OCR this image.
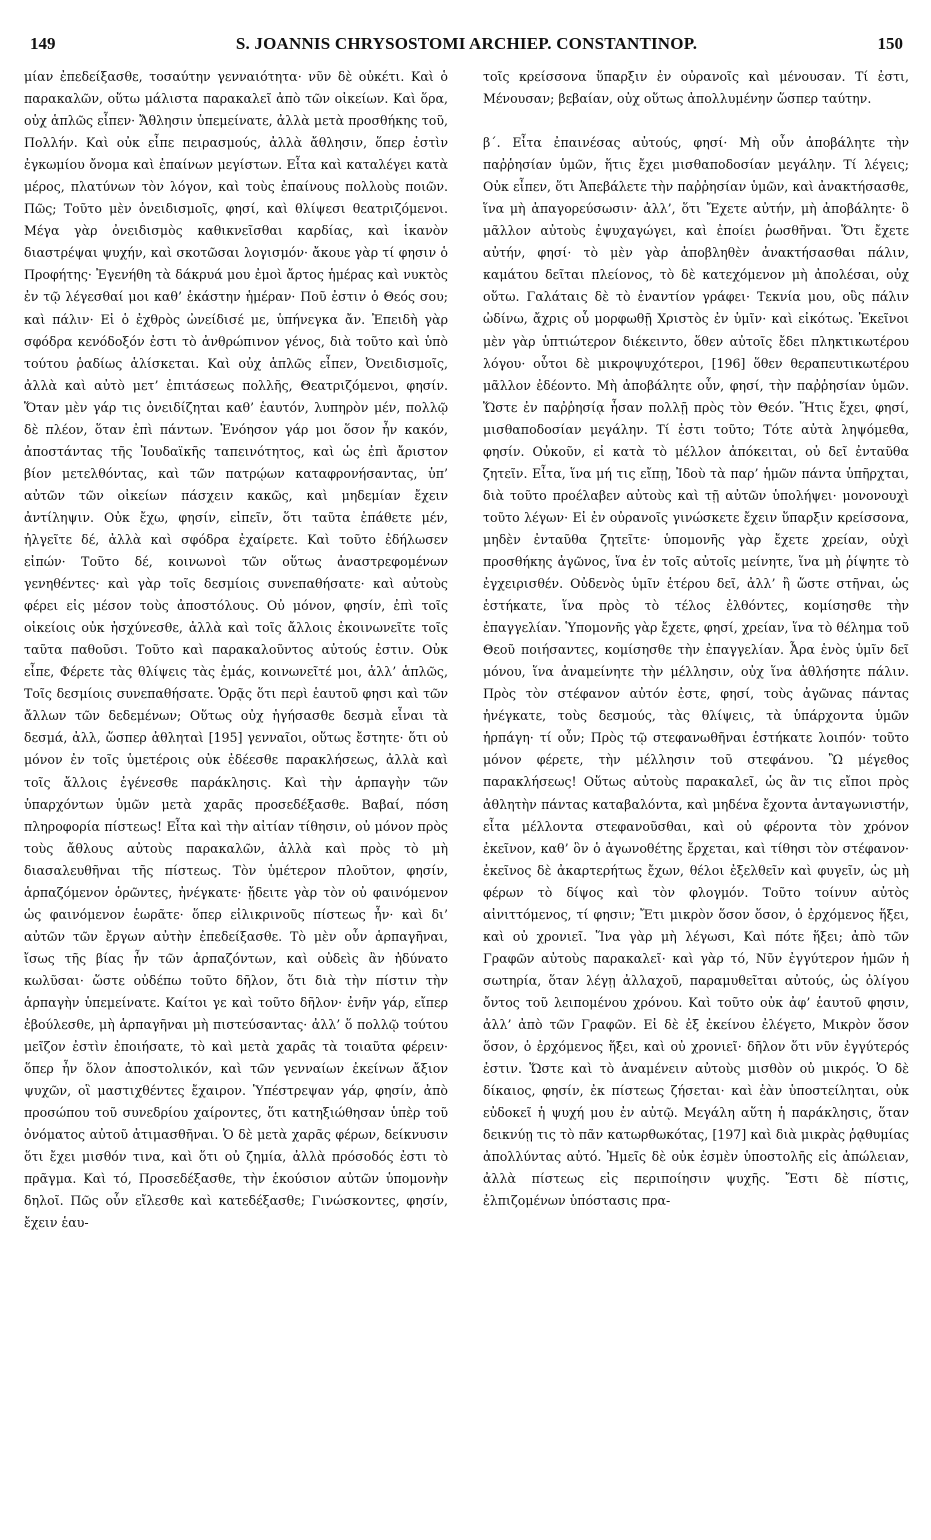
149	S. JOANNIS CHRYSOSTOMI ARCHIEP. CONSTANTINOP.	150

μίαν ἐπεδείξασθε, τοσαύτην γενναιότητα· νῦν δὲ οὐκέτι. Καὶ ὁ παρακαλῶν, οὕτω μάλιστα παρακαλεῖ ἀπὸ τῶν οἰκείων. Καὶ ὅρα, οὐχ ἁπλῶς εἶπεν· Ἄθλησιν ὑπεμείνατε, ἀλλὰ μετὰ προσθήκης τοῦ, Πολλήν. Καὶ οὐκ εἶπε πειρασμούς, ἀλλὰ ἄθλησιν, ὅπερ ἐστὶν ἐγκωμίου ὄνομα καὶ ἐπαίνων μεγίστων. Εἶτα καὶ καταλέγει κατὰ μέρος, πλατύνων τὸν λόγον, καὶ τοὺς ἐπαίνους πολλοὺς ποιῶν. Πῶς; Τοῦτο μὲν ὀνειδισμοῖς, φησί, καὶ θλίψεσι θεατριζόμενοι. Μέγα γὰρ ὀνειδισμὸς καθικνεῖσθαι καρδίας, καὶ ἱκανὸν διαστρέψαι ψυχήν, καὶ σκοτῶσαι λογισμόν· ἄκουε γὰρ τί φησιν ὁ Προφήτης· Ἐγενήθη τὰ δάκρυά μου ἐμοὶ ἄρτος ἡμέρας καὶ νυκτὸς ἐν τῷ λέγεσθαί μοι καθ’ ἑκάστην ἡμέραν· Ποῦ ἐστιν ὁ Θεός σου; καὶ πάλιν· Εἰ ὁ ἐχθρὸς ὠνείδισέ με, ὑπήνεγκα ἄν. Ἐπειδὴ γὰρ σφόδρα κενόδοξόν ἐστι τὸ ἀνθρώπινον γένος, διὰ τοῦτο καὶ ὑπὸ τούτου ῥαδίως ἁλίσκεται. Καὶ οὐχ ἁπλῶς εἶπεν, Ὀνειδισμοῖς, ἀλλὰ καὶ αὐτὸ μετ’ ἐπιτάσεως πολλῆς, Θεατριζόμενοι, φησίν. Ὅταν μὲν γάρ τις ὀνειδίζηται καθ’ ἑαυτόν, λυπηρὸν μέν, πολλῷ δὲ πλέον, ὅταν ἐπὶ πάντων. Ἐνόησον γάρ μοι ὅσον ἦν κακόν, ἀποστάντας τῆς Ἰουδαϊκῆς ταπεινότητος, καὶ ὡς ἐπὶ ἄριστον βίον μετελθόντας, καὶ τῶν πατρῴων καταφρονήσαντας, ὑπ’ αὐτῶν τῶν οἰκείων πάσχειν κακῶς, καὶ μηδεμίαν ἔχειν ἀντίληψιν. Οὐκ ἔχω, φησίν, εἰπεῖν, ὅτι ταῦτα ἐπάθετε μέν, ἠλγεῖτε δέ, ἀλλὰ καὶ σφόδρα ἐχαίρετε. Καὶ τοῦτο ἐδήλωσεν εἰπών· Τοῦτο δέ, κοινωνοὶ τῶν οὕτως ἀναστρεφομένων γενηθέντες· καὶ γὰρ τοῖς δεσμίοις συνεπαθήσατε· καὶ αὐτοὺς φέρει εἰς μέσον τοὺς ἀποστόλους. Οὐ μόνον, φησίν, ἐπὶ τοῖς οἰκείοις οὐκ ἠσχύνεσθε, ἀλλὰ καὶ τοῖς ἄλλοις ἐκοινωνεῖτε τοῖς ταῦτα παθοῦσι. Τοῦτο καὶ παρακαλοῦντος αὐτούς ἐστιν. Οὐκ εἶπε, Φέρετε τὰς θλίψεις τὰς ἐμάς, κοινωνεῖτέ μοι, ἀλλ’ ἁπλῶς, Τοῖς δεσμίοις συνεπαθήσατε. Ὁρᾷς ὅτι περὶ ἑαυτοῦ φησι καὶ τῶν ἄλλων τῶν δεδεμένων; Οὕτως οὐχ ἡγήσασθε δεσμὰ εἶναι τὰ δεσμά, ἀλλ, ὥσπερ ἀθληταὶ [195] γενναῖοι, οὕτως ἔστητε· ὅτι οὐ μόνον ἐν τοῖς ὑμετέροις οὐκ ἐδέεσθε παρακλήσεως, ἀλλὰ καὶ τοῖς ἄλλοις ἐγένεσθε παράκλησις. Καὶ τὴν ἁρπαγὴν τῶν ὑπαρχόντων ὑμῶν μετὰ χαρᾶς προσεδέξασθε. Βαβαί, πόση πληροφορία πίστεως! Εἶτα καὶ τὴν αἰτίαν τίθησιν, οὐ μόνον πρὸς τοὺς ἄθλους αὐτοὺς παρακαλῶν, ἀλλὰ καὶ πρὸς τὸ μὴ διασαλευθῆναι τῆς πίστεως. Τὸν ὑμέτερον πλοῦτον, φησίν, ἁρπαζόμενον ὁρῶντες, ἠνέγκατε· ᾔδειτε γὰρ τὸν οὐ φαινόμενον ὡς φαινόμενον ἑωρᾶτε· ὅπερ εἰλικρινοῦς πίστεως ἦν· καὶ δι’ αὐτῶν τῶν ἔργων αὐτὴν ἐπεδείξασθε. Τὸ μὲν οὖν ἁρπαγῆναι, ἴσως τῆς βίας ἦν τῶν ἁρπαζόντων, καὶ οὐδεὶς ἂν ἠδύνατο κωλῦσαι· ὥστε οὐδέπω τοῦτο δῆλον, ὅτι διὰ τὴν πίστιν τὴν ἁρπαγὴν ὑπεμείνατε. Καίτοι γε καὶ τοῦτο δῆλον· ἐνῆν γάρ, εἴπερ ἐβούλεσθε, μὴ ἁρπαγῆναι μὴ πιστεύσαντας· ἀλλ’ ὅ πολλῷ τούτου μεῖζον ἐστὶν ἐποιήσατε, τὸ καὶ μετὰ χαρᾶς τὰ τοιαῦτα φέρειν· ὅπερ ἦν ὅλον ἀποστολικόν, καὶ τῶν γενναίων ἐκείνων ἄξιον ψυχῶν, οἳ μαστιχθέντες ἔχαιρον. Ὑπέστρεψαν γάρ, φησίν, ἀπὸ προσώπου τοῦ συνεδρίου χαίροντες, ὅτι κατηξιώθησαν ὑπὲρ τοῦ ὀνόματος αὐτοῦ ἀτιμασθῆναι. Ὁ δὲ μετὰ χαρᾶς φέρων, δείκνυσιν ὅτι ἔχει μισθόν τινα, καὶ ὅτι οὐ ζημία, ἀλλὰ πρόσοδός ἐστι τὸ πρᾶγμα. Καὶ τό, Προσεδέξασθε, τὴν ἑκούσιον αὐτῶν ὑπομονὴν δηλοῖ. Πῶς οὖν εἴλεσθε καὶ κατεδέξασθε; Γινώσκοντες, φησίν, ἔχειν ἑαυ-

τοῖς κρείσσονα ὕπαρξιν ἐν οὐρανοῖς καὶ μένουσαν. Τί ἐστι, Μένουσαν; βεβαίαν, οὐχ οὕτως ἀπολλυμένην ὥσπερ ταύτην.

β΄. Εἶτα ἐπαινέσας αὐτούς, φησί· Μὴ οὖν ἀποβάλητε τὴν παῤῥησίαν ὑμῶν, ἥτις ἔχει μισθαποδοσίαν μεγάλην. Τί λέγεις; Οὐκ εἶπεν, ὅτι Ἀπεβάλετε τὴν παῤῥησίαν ὑμῶν, καὶ ἀνακτήσασθε, ἵνα μὴ ἀπαγορεύσωσιν· ἀλλ’, ὅτι Ἔχετε αὐτήν, μὴ ἀποβάλητε· ὃ μᾶλλον αὐτοὺς ἐψυχαγώγει, καὶ ἐποίει ῥωσθῆναι. Ὅτι ἔχετε αὐτήν, φησί· τὸ μὲν γὰρ ἀποβληθὲν ἀνακτήσασθαι πάλιν, καμάτου δεῖται πλείονος, τὸ δὲ κατεχόμενον μὴ ἀπολέσαι, οὐχ οὕτω. Γαλάταις δὲ τὸ ἐναντίον γράφει· Τεκνία μου, οὓς πάλιν ὠδίνω, ἄχρις οὗ μορφωθῇ Χριστὸς ἐν ὑμῖν· καὶ εἰκότως. Ἐκεῖνοι μὲν γὰρ ὑπτιώτερον διέκειντο, ὅθεν αὐτοῖς ἔδει πληκτικωτέρου λόγου· οὗτοι δὲ μικροψυχότεροι, [196] ὅθεν θεραπευτικωτέρου μᾶλλον ἐδέοντο. Μὴ ἀποβάλητε οὖν, φησί, τὴν παῤῥησίαν ὑμῶν. Ὥστε ἐν παῤῥησίᾳ ἦσαν πολλῇ πρὸς τὸν Θεόν. Ἥτις ἔχει, φησί, μισθαποδοσίαν μεγάλην. Τί ἐστι τοῦτο; Τότε αὐτὰ ληψόμεθα, φησίν. Οὐκοῦν, εἰ κατὰ τὸ μέλλον ἀπόκειται, οὐ δεῖ ἐνταῦθα ζητεῖν. Εἶτα, ἵνα μή τις εἴπῃ, Ἰδοὺ τὰ παρ’ ἡμῶν πάντα ὑπῆρχται, διὰ τοῦτο προέλαβεν αὐτοὺς καὶ τῇ αὐτῶν ὑπολήψει· μονονουχὶ τοῦτο λέγων· Εἰ ἐν οὐρανοῖς γινώσκετε ἔχειν ὕπαρξιν κρείσσονα, μηδὲν ἐνταῦθα ζητεῖτε· ὑπομονῆς γὰρ ἔχετε χρείαν, οὐχὶ προσθήκης ἀγῶνος, ἵνα ἐν τοῖς αὐτοῖς μείνητε, ἵνα μὴ ῥίψητε τὸ ἐγχειρισθέν. Οὐδενὸς ὑμῖν ἑτέρου δεῖ, ἀλλ’ ἢ ὥστε στῆναι, ὡς ἑστήκατε, ἵνα πρὸς τὸ τέλος ἐλθόντες, κομίσησθε τὴν ἐπαγγελίαν. Ὑπομονῆς γὰρ ἔχετε, φησί, χρείαν, ἵνα τὸ θέλημα τοῦ Θεοῦ ποιήσαντες, κομίσησθε τὴν ἐπαγγελίαν. Ἆρα ἑνὸς ὑμῖν δεῖ μόνου, ἵνα ἀναμείνητε τὴν μέλλησιν, οὐχ ἵνα ἀθλήσητε πάλιν. Πρὸς τὸν στέφανον αὐτόν ἐστε, φησί, τοὺς ἀγῶνας πάντας ἠνέγκατε, τοὺς δεσμούς, τὰς θλίψεις, τὰ ὑπάρχοντα ὑμῶν ἡρπάγη· τί οὖν; Πρὸς τῷ στεφανωθῆναι ἑστήκατε λοιπόν· τοῦτο μόνον φέρετε, τὴν μέλλησιν τοῦ στεφάνου. Ὢ μέγεθος παρακλήσεως! Οὕτως αὐτοὺς παρακαλεῖ, ὡς ἂν τις εἴποι πρὸς ἀθλητὴν πάντας καταβαλόντα, καὶ μηδένα ἔχοντα ἀνταγωνιστήν, εἶτα μέλλοντα στεφανοῦσθαι, καὶ οὐ φέροντα τὸν χρόνον ἐκεῖνον, καθ’ ὃν ὁ ἀγωνοθέτης ἔρχεται, καὶ τίθησι τὸν στέφανον· ἐκεῖνος δὲ ἀκαρτερήτως ἔχων, θέλοι ἐξελθεῖν καὶ φυγεῖν, ὡς μὴ φέρων τὸ δίψος καὶ τὸν φλογμόν. Τοῦτο τοίνυν αὐτὸς αἰνιττόμενος, τί φησιν; Ἔτι μικρὸν ὅσον ὅσον, ὁ ἐρχόμενος ἥξει, καὶ οὐ χρονιεῖ. Ἵνα γὰρ μὴ λέγωσι, Καὶ πότε ἥξει; ἀπὸ τῶν Γραφῶν αὐτοὺς παρακαλεῖ· καὶ γὰρ τό, Νῦν ἐγγύτερον ἡμῶν ἡ σωτηρία, ὅταν λέγῃ ἀλλαχοῦ, παραμυθεῖται αὐτούς, ὡς ὀλίγου ὄντος τοῦ λειπομένου χρόνου. Καὶ τοῦτο οὐκ ἀφ’ ἑαυτοῦ φησιν, ἀλλ’ ἀπὸ τῶν Γραφῶν. Εἰ δὲ ἐξ ἐκείνου ἐλέγετο, Μικρὸν ὅσον ὅσον, ὁ ἐρχόμενος ἥξει, καὶ οὐ χρονιεῖ· δῆλον ὅτι νῦν ἐγγύτερός ἐστιν. Ὥστε καὶ τὸ ἀναμένειν αὐτοὺς μισθὸν οὐ μικρός. Ὁ δὲ δίκαιος, φησίν, ἐκ πίστεως ζήσεται· καὶ ἐὰν ὑποστείληται, οὐκ εὐδοκεῖ ἡ ψυχή μου ἐν αὐτῷ. Μεγάλη αὕτη ἡ παράκλησις, ὅταν δεικνύῃ τις τὸ πᾶν κατωρθωκότας, [197] καὶ διὰ μικρὰς ῥᾳθυμίας ἀπολλύντας αὐτό. Ἡμεῖς δὲ οὐκ ἐσμὲν ὑποστολῆς εἰς ἀπώλειαν, ἀλλὰ πίστεως εἰς περιποίησιν ψυχῆς. Ἔστι δὲ πίστις, ἐλπιζομένων ὑπόστασις πρα-
